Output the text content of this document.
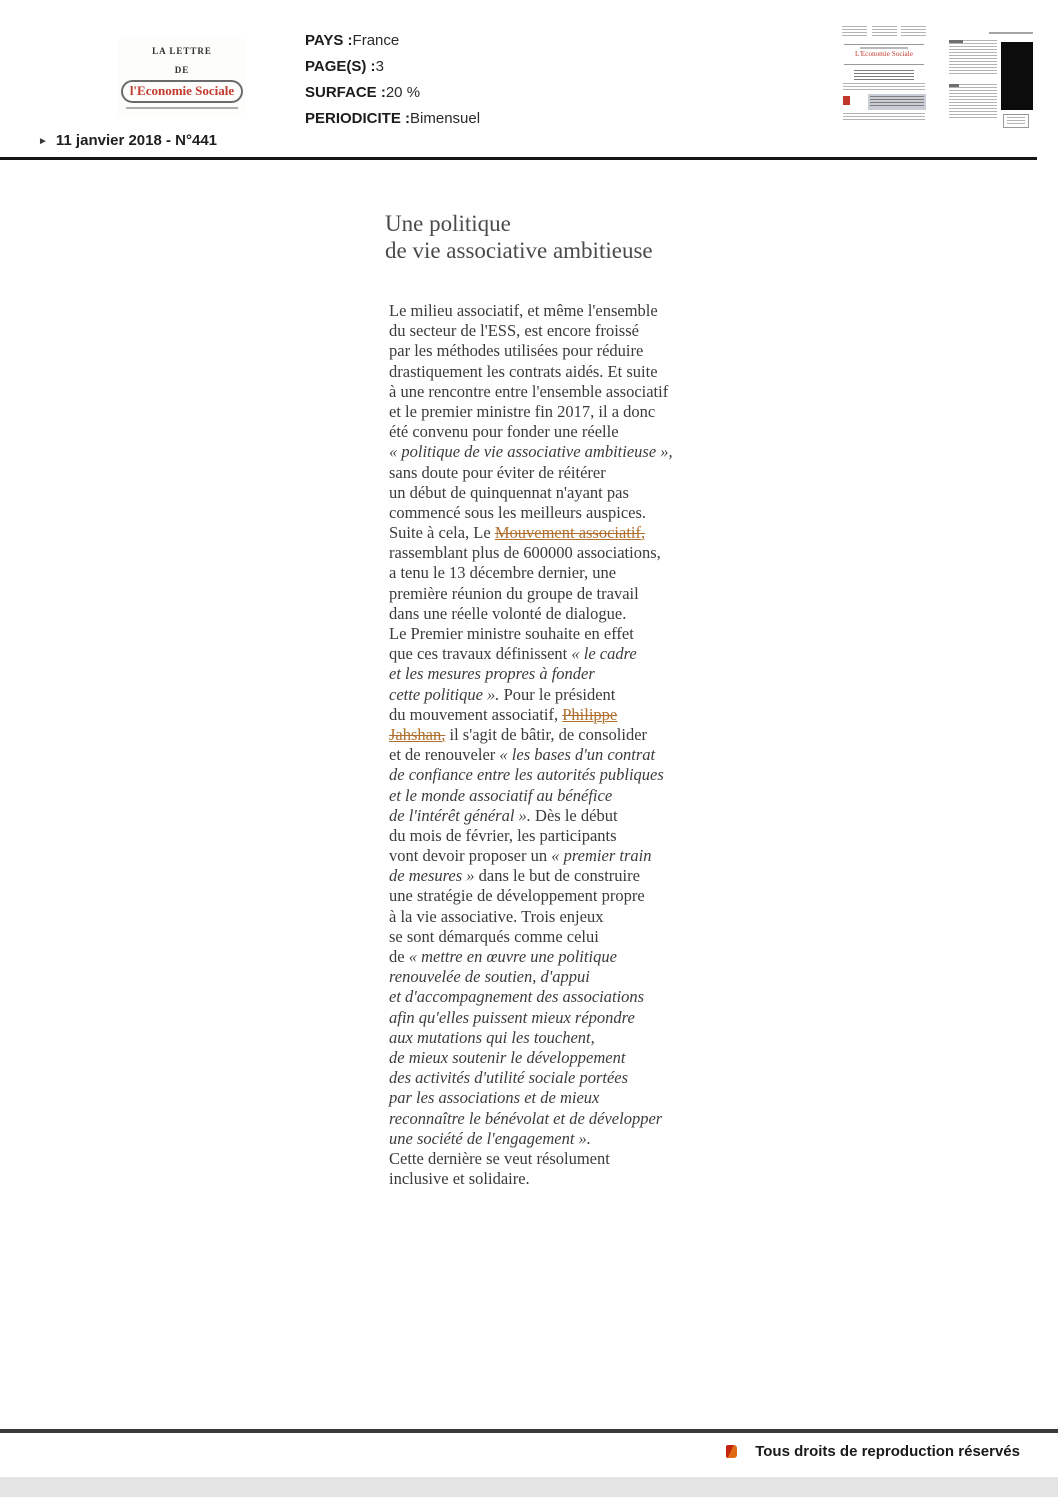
LA LETTRE
DE
l'Economie Sociale
PAYS :France
PAGE(S) :3
SURFACE :20 %
PERIODICITE :Bimensuel
L'Economie Sociale
► 11 janvier 2018 - N°441
Une politique
de vie associative ambitieuse
Le milieu associatif, et même l'ensemble
du secteur de l'ESS, est encore froissé
par les méthodes utilisées pour réduire
drastiquement les contrats aidés. Et suite
à une rencontre entre l'ensemble associatif
et le premier ministre fin 2017, il a donc
été convenu pour fonder une réelle
« politique de vie associative ambitieuse »,
sans doute pour éviter de réitérer
un début de quinquennat n'ayant pas
commencé sous les meilleurs auspices.
Suite à cela, Le Mouvement associatif,
rassemblant plus de 600000 associations,
a tenu le 13 décembre dernier, une
première réunion du groupe de travail
dans une réelle volonté de dialogue.
Le Premier ministre souhaite en effet
que ces travaux définissent « le cadre
et les mesures propres à fonder
cette politique ». Pour le président
du mouvement associatif, Philippe
Jahshan, il s'agit de bâtir, de consolider
et de renouveler « les bases d'un contrat
de confiance entre les autorités publiques
et le monde associatif au bénéfice
de l'intérêt général ». Dès le début
du mois de février, les participants
vont devoir proposer un « premier train
de mesures » dans le but de construire
une stratégie de développement propre
à la vie associative. Trois enjeux
se sont démarqués comme celui
de « mettre en œuvre une politique
renouvelée de soutien, d'appui
et d'accompagnement des associations
afin qu'elles puissent mieux répondre
aux mutations qui les touchent,
de mieux soutenir le développement
des activités d'utilité sociale portées
par les associations et de mieux
reconnaître le bénévolat et de développer
une société de l'engagement ».
Cette dernière se veut résolument
inclusive et solidaire.
Tous droits de reproduction réservés
